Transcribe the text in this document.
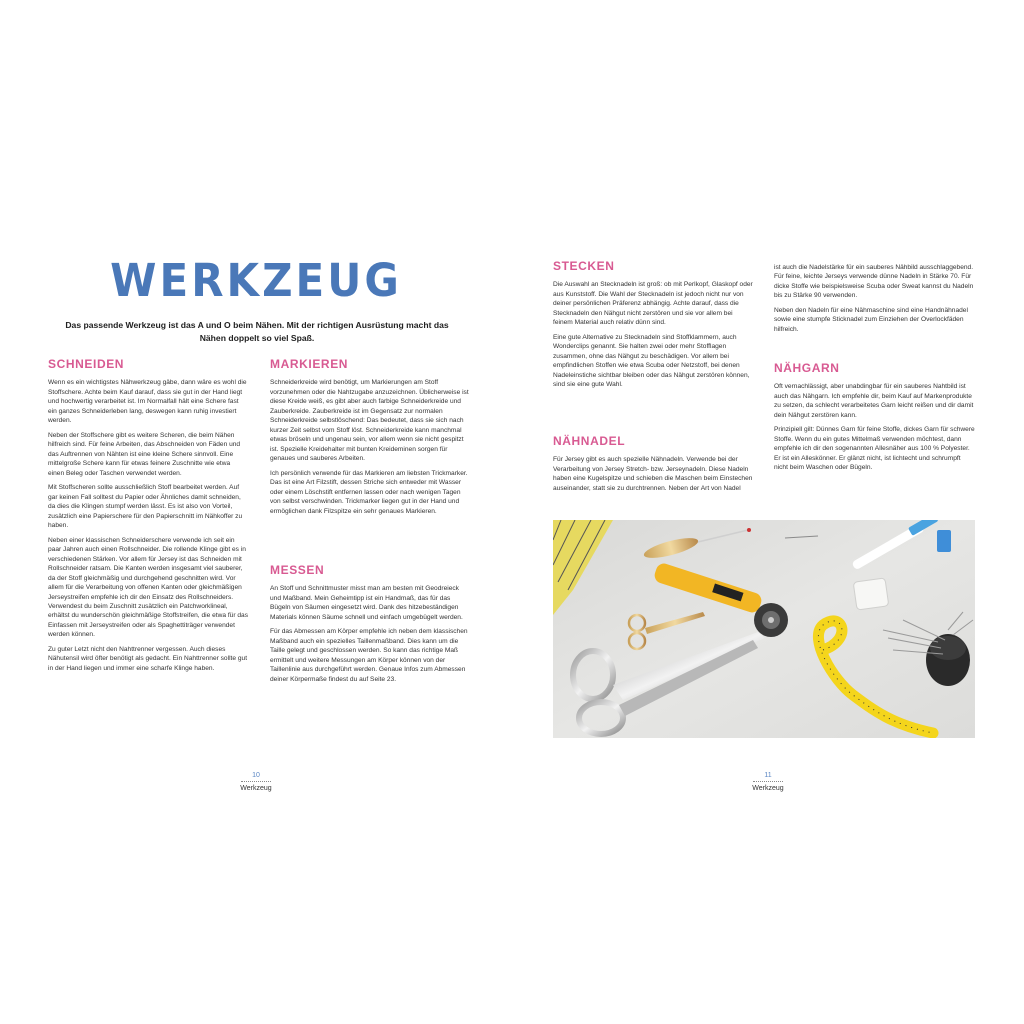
WERKZEUG
Das passende Werkzeug ist das A und O beim Nähen. Mit der richtigen Ausrüstung macht das Nähen doppelt so viel Spaß.
SCHNEIDEN

Wenn es ein wichtigstes Nähwerkzeug gäbe, dann wäre es wohl die Stoffschere. Achte beim Kauf darauf, dass sie gut in der Hand liegt und hochwertig verarbeitet ist. Im Normalfall hält eine Schere fast ein ganzes Schneiderleben lang, deswegen kann ruhig investiert werden.

Neben der Stoffschere gibt es weitere Scheren, die beim Nähen hilfreich sind. Für feine Arbeiten, das Abschneiden von Fäden und das Auftrennen von Nähten ist eine kleine Schere sinnvoll. Eine mittelgroße Schere kann für etwas feinere Zuschnitte wie etwa einen Beleg oder Taschen verwendet werden.

Mit Stoffscheren sollte ausschließlich Stoff bearbeitet werden. Auf gar keinen Fall solltest du Papier oder Ähnliches damit schneiden, da dies die Klingen stumpf werden lässt. Es ist also von Vorteil, zusätzlich eine Papierschere für den Papierschnitt im Nähkoffer zu haben.

Neben einer klassischen Schneiderschere verwende ich seit ein paar Jahren auch einen Rollschneider. Die rollende Klinge gibt es in verschiedenen Stärken. Vor allem für Jersey ist das Schneiden mit Rollschneider ratsam. Die Kanten werden insgesamt viel sauberer, da der Stoff gleichmäßig und durchgehend geschnitten wird. Vor allem für die Verarbeitung von offenen Kanten oder gleichmäßigen Jerseystreifen empfehle ich dir den Einsatz des Rollschneiders. Verwendest du beim Zuschnitt zusätzlich ein Patchworklineal, erhältst du wunderschön gleichmäßige Stoffstreifen, die etwa für das Einfassen mit Jerseystreifen oder als Spaghettiträger verwendet werden können.

Zu guter Letzt nicht den Nahttrenner vergessen. Auch dieses Nähutensil wird öfter benötigt als gedacht. Ein Nahttrenner sollte gut in der Hand liegen und immer eine scharfe Klinge haben.

MARKIEREN

Schneiderkreide wird benötigt, um Markierungen am Stoff vorzunehmen oder die Nahtzugabe anzuzeichnen. Üblicherweise ist diese Kreide weiß, es gibt aber auch farbige Schneiderkreide und Zauberkreide. Zauberkreide ist im Gegensatz zur normalen Schneiderkreide selbstlöschend: Das bedeutet, dass sie sich nach kurzer Zeit selbst vom Stoff löst. Schneiderkreide kann manchmal etwas bröseln und ungenau sein, vor allem wenn sie nicht gespitzt ist. Spezielle Kreidehalter mit bunten Kreideminen sorgen für genaues und sauberes Arbeiten.

Ich persönlich verwende für das Markieren am liebsten Trickmarker. Das ist eine Art Filzstift, dessen Striche sich entweder mit Wasser oder einem Löschstift entfernen lassen oder nach wenigen Tagen von selbst verschwinden. Trickmarker liegen gut in der Hand und ermöglichen dank Filzspitze ein sehr genaues Markieren.

MESSEN

An Stoff und Schnittmuster misst man am besten mit Geodreieck und Maßband. Mein Geheimtipp ist ein Handmaß, das für das Bügeln von Säumen eingesetzt wird. Dank des hitzebeständigen Materials können Säume schnell und einfach umgebügelt werden.

Für das Abmessen am Körper empfehle ich neben dem klassischen Maßband auch ein spezielles Taillenmaßband. Dies kann um die Taille gelegt und geschlossen werden. So kann das richtige Maß ermittelt und weitere Messungen am Körper können von der Taillenlinie aus durchgeführt werden. Genaue Infos zum Abmessen deiner Körpermaße findest du auf Seite 23.

10
Werkzeug
STECKEN

Die Auswahl an Stecknadeln ist groß: ob mit Perlkopf, Glaskopf oder aus Kunststoff. Die Wahl der Stecknadeln ist jedoch nicht nur von deiner persönlichen Präferenz abhängig. Achte darauf, dass die Stecknadeln den Nähgut nicht zerstören und sie vor allem bei feinem Material auch relativ dünn sind.

Eine gute Alternative zu Stecknadeln sind Stoffklammern, auch Wonderclips genannt. Sie halten zwei oder mehr Stofflagen zusammen, ohne das Nähgut zu beschädigen. Vor allem bei empfindlichen Stoffen wie etwa Scuba oder Netzstoff, bei denen Nadeleinstiche sichtbar bleiben oder das Nähgut zerstören können, sind sie eine gute Wahl.

NÄHNADEL

Für Jersey gibt es auch spezielle Nähnadeln. Verwende bei der Verarbeitung von Jersey Stretch- bzw. Jerseynadeln. Diese Nadeln haben eine Kugelspitze und schieben die Maschen beim Einstechen auseinander, statt sie zu durchtrennen. Neben der Art von Nadel

ist auch die Nadelstärke für ein sauberes Nähbild ausschlaggebend. Für feine, leichte Jerseys verwende dünne Nadeln in Stärke 70. Für dicke Stoffe wie beispielsweise Scuba oder Sweat kannst du Nadeln bis zu Stärke 90 verwenden.

Neben den Nadeln für eine Nähmaschine sind eine Handnähnadel sowie eine stumpfe Sticknadel zum Einziehen der Overlockfäden hilfreich.

NÄHGARN

Oft vernachlässigt, aber unabdingbar für ein sauberes Nahtbild ist auch das Nähgarn. Ich empfehle dir, beim Kauf auf Markenprodukte zu setzen, da schlecht verarbeitetes Garn leicht reißen und dir damit dein Nähgut zerstören kann.

Prinzipiell gilt: Dünnes Garn für feine Stoffe, dickes Garn für schwere Stoffe. Wenn du ein gutes Mittelmaß verwenden möchtest, dann empfehle ich dir den sogenannten Allesnäher aus 100 % Polyester. Er ist ein Alleskönner. Er glänzt nicht, ist lichtecht und schrumpft nicht beim Waschen oder Bügeln.

11
Werkzeug
